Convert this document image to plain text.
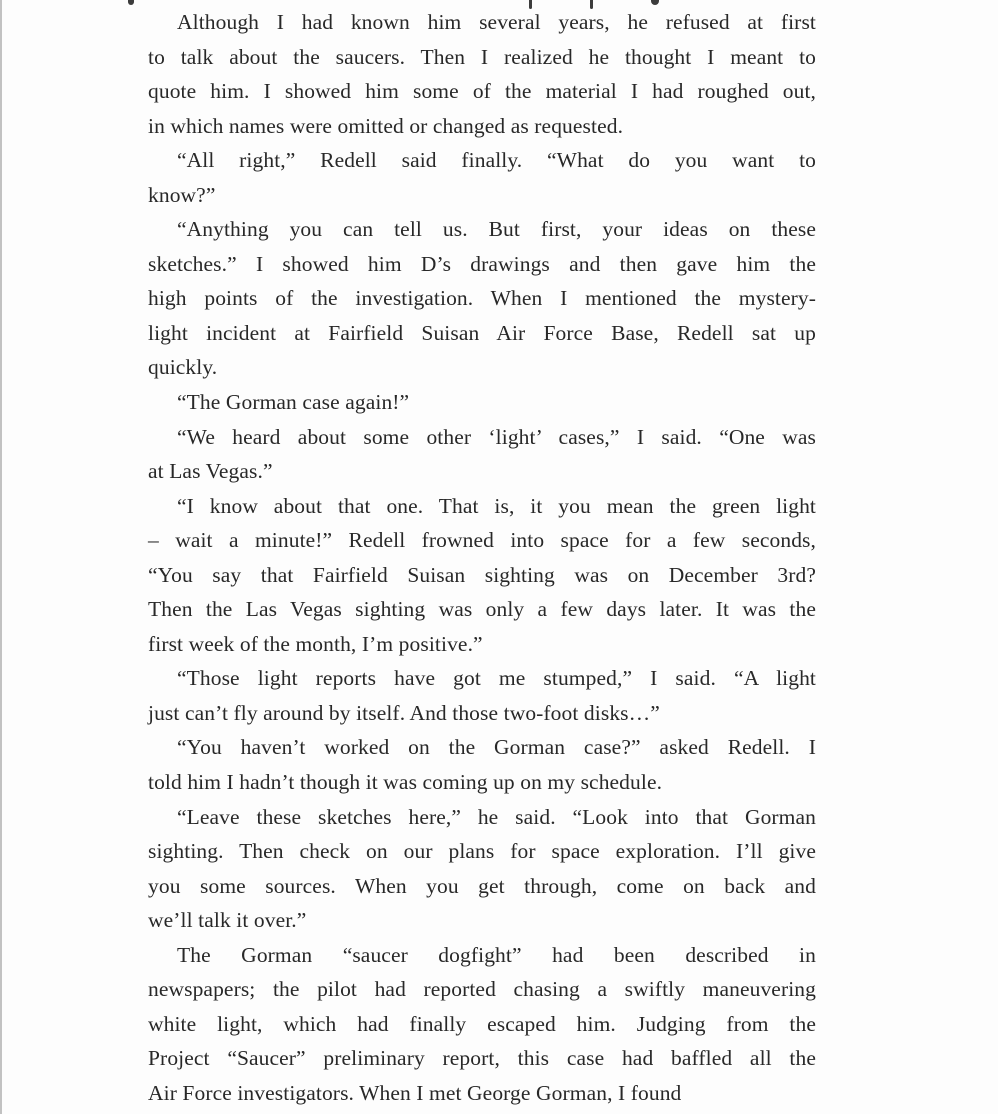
Although I had known him several years, he refused at first
to talk about the saucers. Then I realized he thought I meant to
quote him. I showed him some of the material I had roughed out,
in which names were omitted or changed as requested.
“All right,” Redell said finally. “What do you want to
know?”
“Anything you can tell us. But first, your ideas on these
sketches.” I showed him D’s drawings and then gave him the
high points of the investigation. When I mentioned the mystery-
light incident at Fairfield Suisan Air Force Base, Redell sat up
quickly.
“The Gorman case again!”
“We heard about some other ‘light’ cases,” I said. “One was
at Las Vegas.”
“I know about that one. That is, it you mean the green light
– wait a minute!” Redell frowned into space for a few seconds,
“You say that Fairfield Suisan sighting was on December 3rd?
Then the Las Vegas sighting was only a few days later. It was the
first week of the month, I’m positive.”
“Those light reports have got me stumped,” I said. “A light
just can’t fly around by itself. And those two-foot disks…”
“You haven’t worked on the Gorman case?” asked Redell. I
told him I hadn’t though it was coming up on my schedule.
“Leave these sketches here,” he said. “Look into that Gorman
sighting. Then check on our plans for space exploration. I’ll give
you some sources. When you get through, come on back and
we’ll talk it over.”
The Gorman “saucer dogfight” had been described in
newspapers; the pilot had reported chasing a swiftly maneuvering
white light, which had finally escaped him. Judging from the
Project “Saucer” preliminary report, this case had baffled all the
Air Force investigators. When I met George Gorman, I found
